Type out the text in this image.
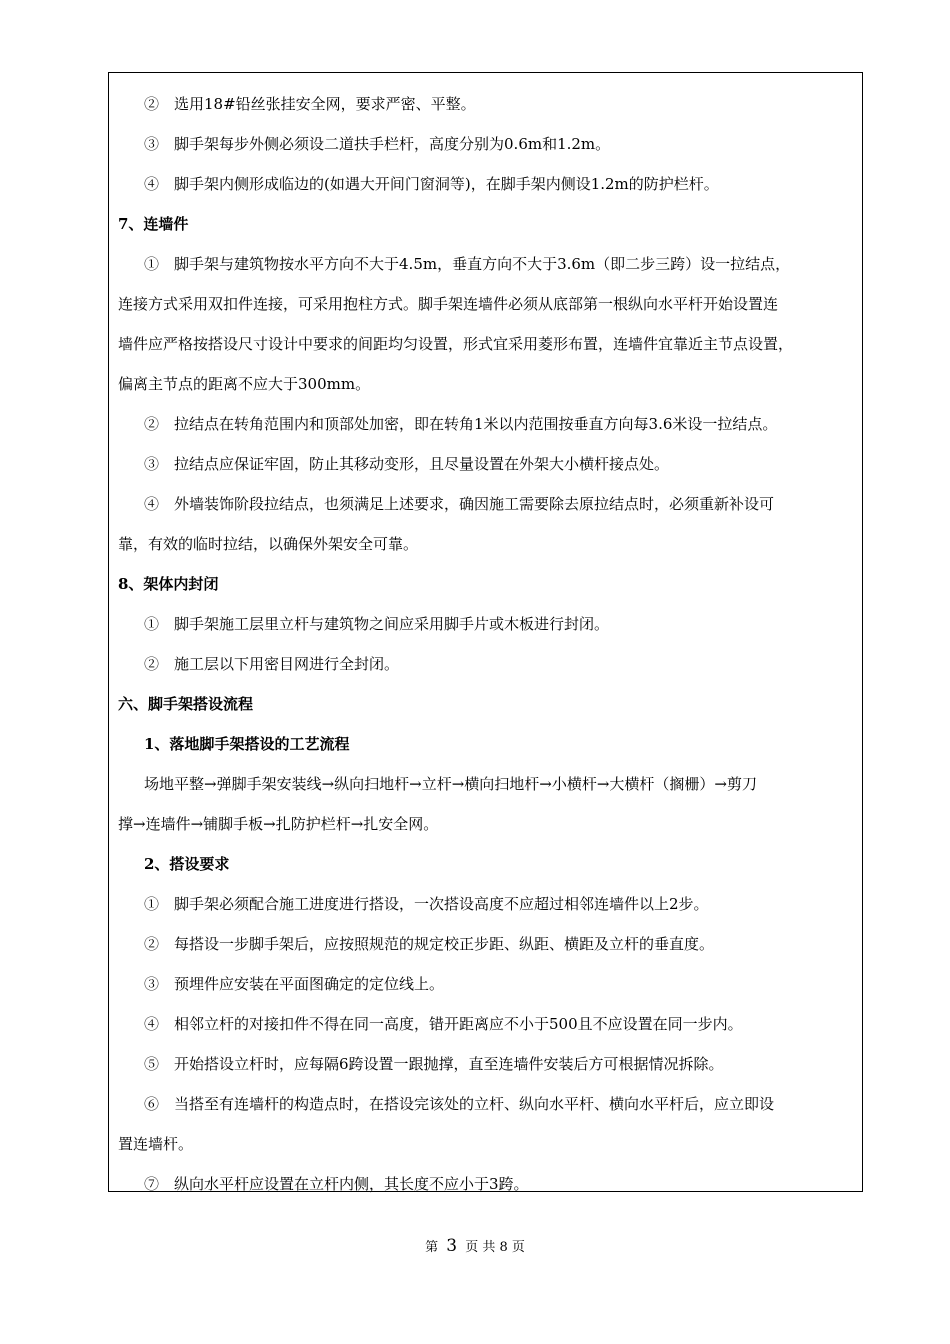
②　选用18#铅丝张挂安全网，要求严密、平整。
③　脚手架每步外侧必须设二道扶手栏杆，高度分别为0.6m和1.2m。
④　脚手架内侧形成临边的(如遇大开间门窗洞等)，在脚手架内侧设1.2m的防护栏杆。
7、连墙件
①　脚手架与建筑物按水平方向不大于4.5m，垂直方向不大于3.6m（即二步三跨）设一拉结点，
连接方式采用双扣件连接，可采用抱柱方式。脚手架连墙件必须从底部第一根纵向水平杆开始设置连
墙件应严格按搭设尺寸设计中要求的间距均匀设置，形式宜采用菱形布置，连墙件宜靠近主节点设置，
偏离主节点的距离不应大于300mm。
②　拉结点在转角范围内和顶部处加密，即在转角1米以内范围按垂直方向每3.6米设一拉结点。
③　拉结点应保证牢固，防止其移动变形，且尽量设置在外架大小横杆接点处。
④　外墙装饰阶段拉结点，也须满足上述要求，确因施工需要除去原拉结点时，必须重新补设可
靠，有效的临时拉结，以确保外架安全可靠。
8、架体内封闭
①　脚手架施工层里立杆与建筑物之间应采用脚手片或木板进行封闭。
②　施工层以下用密目网进行全封闭。
六、脚手架搭设流程
1、落地脚手架搭设的工艺流程
场地平整→弹脚手架安装线→纵向扫地杆→立杆→横向扫地杆→小横杆→大横杆（搁栅）→剪刀
撑→连墙件→铺脚手板→扎防护栏杆→扎安全网。
2、搭设要求
①　脚手架必须配合施工进度进行搭设，一次搭设高度不应超过相邻连墙件以上2步。
②　每搭设一步脚手架后，应按照规范的规定校正步距、纵距、横距及立杆的垂直度。
③　预埋件应安装在平面图确定的定位线上。
④　相邻立杆的对接扣件不得在同一高度，错开距离应不小于500且不应设置在同一步内。
⑤　开始搭设立杆时，应每隔6跨设置一跟抛撑，直至连墙件安装后方可根据情况拆除。
⑥　当搭至有连墙杆的构造点时，在搭设完该处的立杆、纵向水平杆、横向水平杆后，应立即设
置连墙杆。
⑦　纵向水平杆应设置在立杆内侧，其长度不应小于3跨。
第 3 页 共 8 页
